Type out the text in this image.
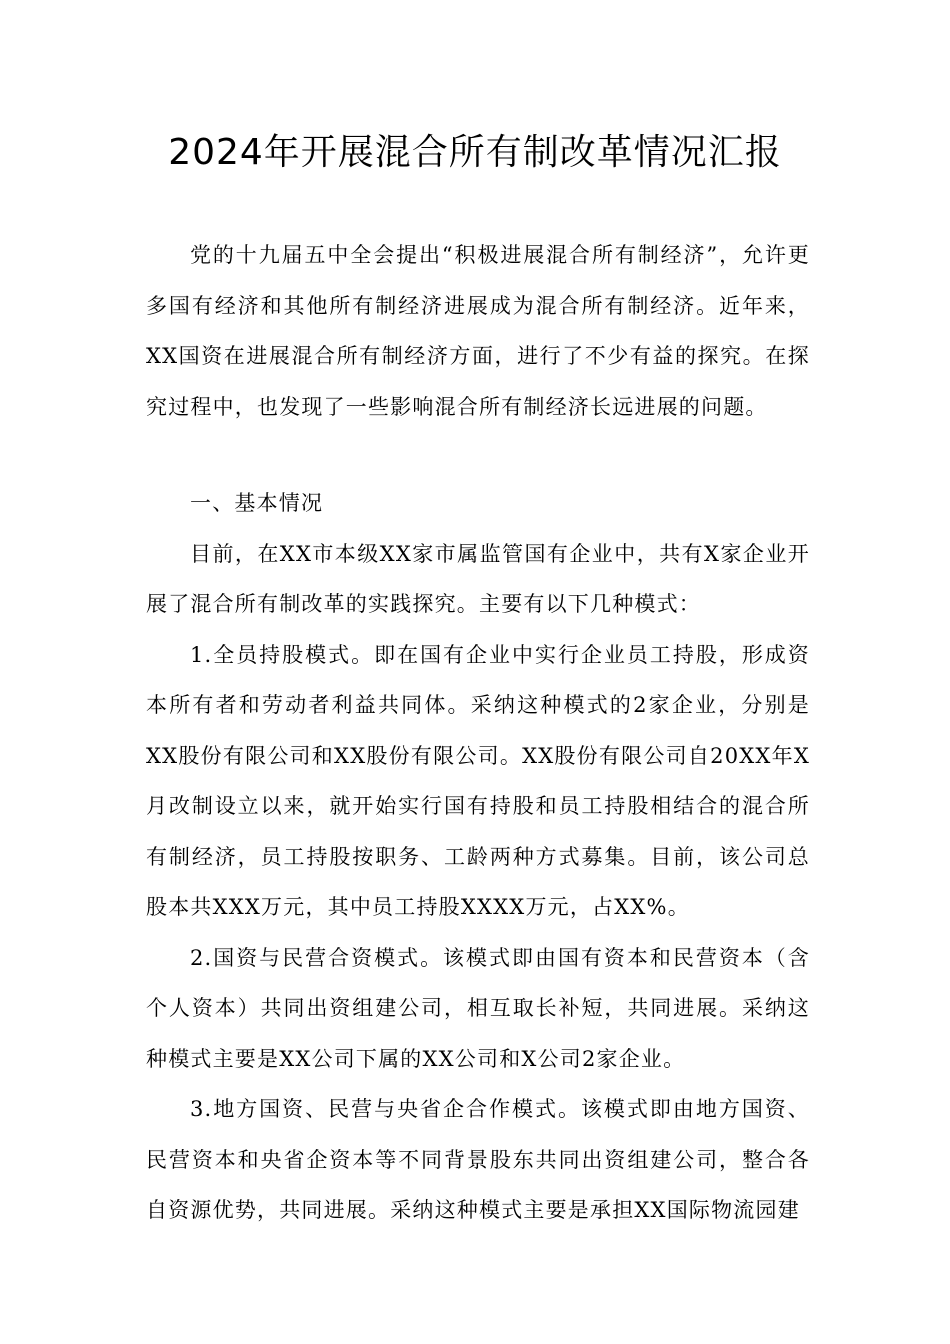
2024年开展混合所有制改革情况汇报

党的十九届五中全会提出“积极进展混合所有制经济”，允许更多国有经济和其他所有制经济进展成为混合所有制经济。近年来，XX国资在进展混合所有制经济方面，进行了不少有益的探究。在探究过程中，也发现了一些影响混合所有制经济长远进展的问题。

一、基本情况

目前，在XX市本级XX家市属监管国有企业中，共有X家企业开展了混合所有制改革的实践探究。主要有以下几种模式：

1.全员持股模式。即在国有企业中实行企业员工持股，形成资本所有者和劳动者利益共同体。采纳这种模式的2家企业，分别是XX股份有限公司和XX股份有限公司。XX股份有限公司自20XX年X月改制设立以来，就开始实行国有持股和员工持股相结合的混合所有制经济，员工持股按职务、工龄两种方式募集。目前，该公司总股本共XXX万元，其中员工持股XXXX万元，占XX%。

2.国资与民营合资模式。该模式即由国有资本和民营资本（含个人资本）共同出资组建公司，相互取长补短，共同进展。采纳这种模式主要是XX公司下属的XX公司和X公司2家企业。

3.地方国资、民营与央省企合作模式。该模式即由地方国资、民营资本和央省企资本等不同背景股东共同出资组建公司，整合各自资源优势，共同进展。采纳这种模式主要是承担XX国际物流园建
